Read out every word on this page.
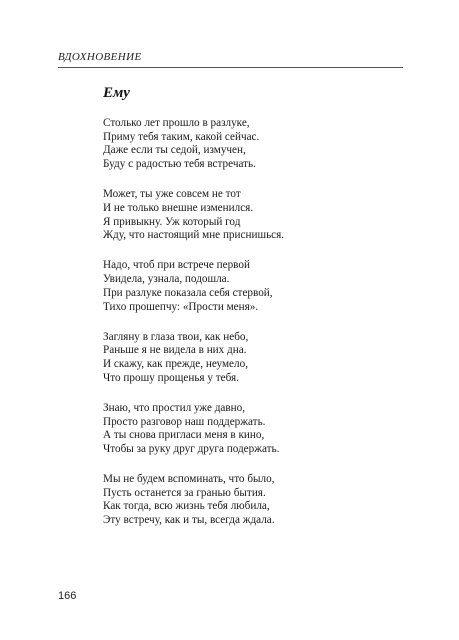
ВДОХНОВЕНИЕ
Ему
Столько лет прошло в разлуке,
Приму тебя таким, какой сейчас.
Даже если ты седой, измучен,
Буду с радостью тебя встречать.
Может, ты уже совсем не тот
И не только внешне изменился.
Я привыкну. Уж который год
Жду, что настоящий мне приснишься.
Надо, чтоб при встрече первой
Увидела, узнала, подошла.
При разлуке показала себя стервой,
Тихо прошепчу: «Прости меня».
Загляну в глаза твои, как небо,
Раньше я не видела в них дна.
И скажу, как прежде, неумело,
Что прошу прощенья у тебя.
Знаю, что простил уже давно,
Просто разговор наш поддержать.
А ты снова пригласи меня в кино,
Чтобы за руку друг друга подержать.
Мы не будем вспоминать, что было,
Пусть останется за гранью бытия.
Как тогда, всю жизнь тебя любила,
Эту встречу, как и ты, всегда ждала.
166
